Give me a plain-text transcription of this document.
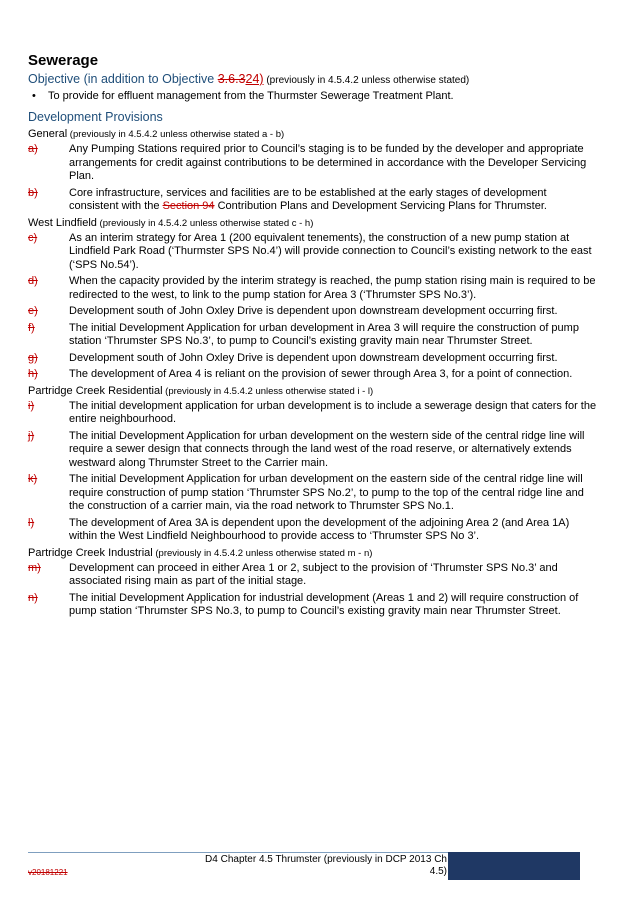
Sewerage
Objective (in addition to Objective 3.6.324) (previously in 4.5.4.2 unless otherwise stated)
•	To provide for effluent management from the Thurmster Sewerage Treatment Plant.
Development Provisions
General (previously in 4.5.4.2 unless otherwise stated a - b)
a)	Any Pumping Stations required prior to Council’s staging is to be funded by the developer and appropriate arrangements for credit against contributions to be determined in accordance with the Developer Servicing Plan.
b)	Core infrastructure, services and facilities are to be established at the early stages of development consistent with the Section 94 Contribution Plans and Development Servicing Plans for Thrumster.
West Lindfield (previously in 4.5.4.2 unless otherwise stated c - h)
c)	As an interim strategy for Area 1 (200 equivalent tenements), the construction of a new pump station at Lindfield Park Road (‘Thurmster SPS No.4’) will provide connection to Council’s existing network to the east (‘SPS No.54’).
d)	When the capacity provided by the interim strategy is reached, the pump station rising main is required to be redirected to the west, to link to the pump station for Area 3 (‘Thrumster SPS No.3’).
e)	Development south of John Oxley Drive is dependent upon downstream development occurring first.
f)	The initial Development Application for urban development in Area 3 will require the construction of pump station ‘Thrumster SPS No.3’, to pump to Council’s existing gravity main near Thrumster Street.
g)	Development south of John Oxley Drive is dependent upon downstream development occurring first.
h)	The development of Area 4 is reliant on the provision of sewer through Area 3, for a point of connection.
Partridge Creek Residential (previously in 4.5.4.2 unless otherwise stated i - l)
i)	The initial development application for urban development is to include a sewerage design that caters for the entire neighbourhood.
j)	The initial Development Application for urban development on the western side of the central ridge line will require a sewer design that connects through the land west of the road reserve, or alternatively extends westward along Thrumster Street to the Carrier main.
k)	The initial Development Application for urban development on the eastern side of the central ridge line will require construction of pump station ‘Thrumster SPS No.2’, to pump to the top of the central ridge line and the construction of a carrier main, via the road network to Thrumster SPS No.1.
l)	The development of Area 3A is dependent upon the development of the adjoining Area 2 (and Area 1A) within the West Lindfield Neighbourhood to provide access to ‘Thrumster SPS No 3’.
Partridge Creek Industrial (previously in 4.5.4.2 unless otherwise stated m - n)
m)	Development can proceed in either Area 1 or 2, subject to the provision of ‘Thrumster SPS No.3’ and associated rising main as part of the initial stage.
n)	The initial Development Application for industrial development (Areas 1 and 2) will require construction of pump station ‘Thrumster SPS No.3, to pump to Council’s existing gravity main near Thrumster Street.
D4 Chapter 4.5 Thrumster (previously in DCP 2013 Ch
4.5)
v20181221
